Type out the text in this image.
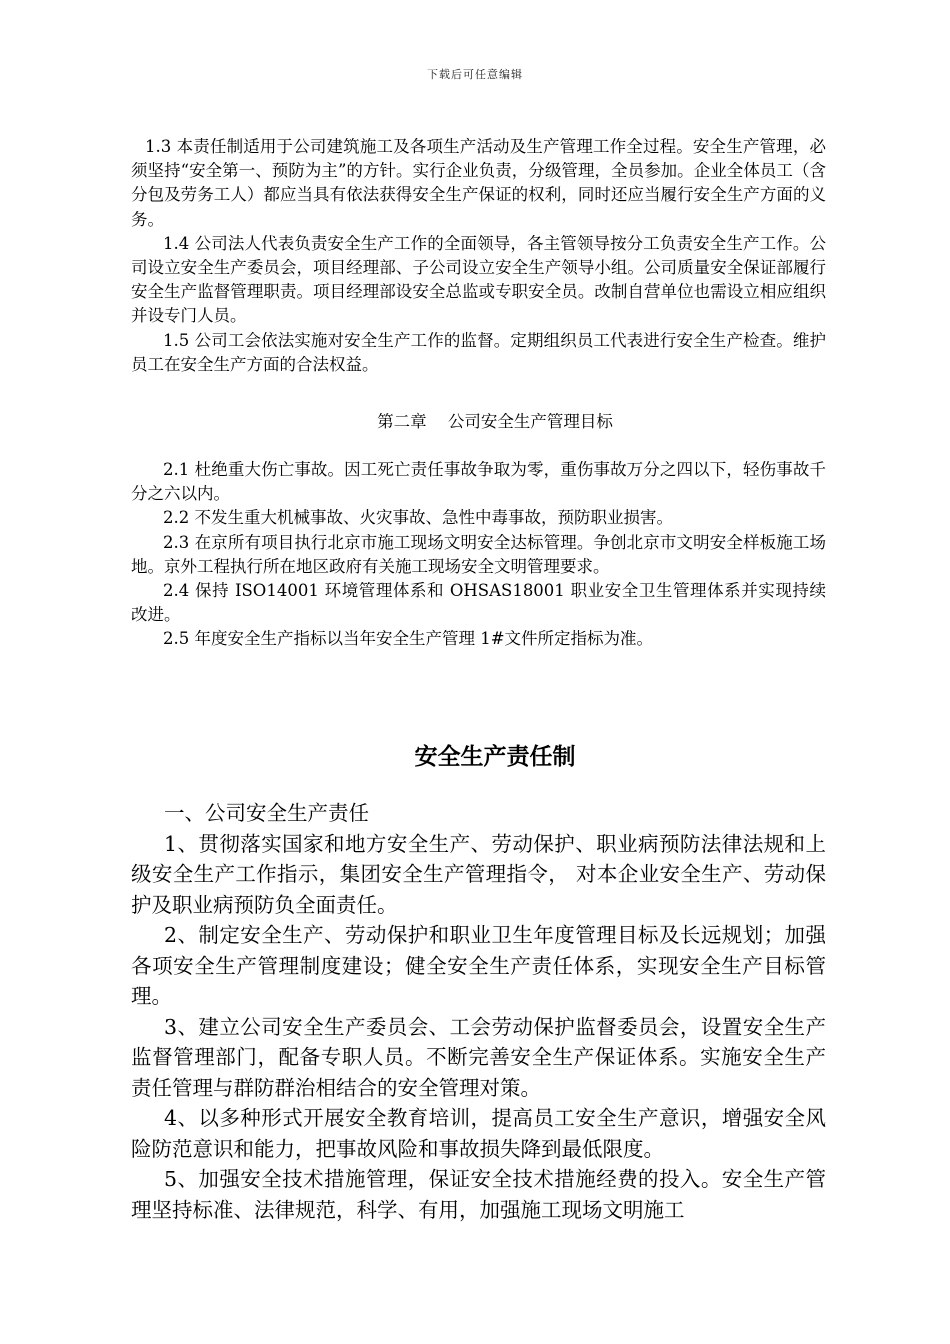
下载后可任意编辑

1.3 本责任制适用于公司建筑施工及各项生产活动及生产管理工作全过程。安全生产管理，必须坚持“安全第一、预防为主”的方针。实行企业负责，分级管理，全员参加。企业全体员工（含分包及劳务工人）都应当具有依法获得安全生产保证的权利，同时还应当履行安全生产方面的义务。

1.4 公司法人代表负责安全生产工作的全面领导，各主管领导按分工负责安全生产工作。公司设立安全生产委员会，项目经理部、子公司设立安全生产领导小组。公司质量安全保证部履行安全生产监督管理职责。项目经理部设安全总监或专职安全员。改制自营单位也需设立相应组织并设专门人员。

1.5 公司工会依法实施对安全生产工作的监督。定期组织员工代表进行安全生产检查。维护员工在安全生产方面的合法权益。

第二章 公司安全生产管理目标

2.1 杜绝重大伤亡事故。因工死亡责任事故争取为零，重伤事故万分之四以下，轻伤事故千分之六以内。

2.2 不发生重大机械事故、火灾事故、急性中毒事故，预防职业损害。

2.3 在京所有项目执行北京市施工现场文明安全达标管理。争创北京市文明安全样板施工场地。京外工程执行所在地区政府有关施工现场安全文明管理要求。

2.4 保持 ISO14001 环境管理体系和 OHSAS18001 职业安全卫生管理体系并实现持续改进。

2.5 年度安全生产指标以当年安全生产管理 1#文件所定指标为准。

安全生产责任制

一、公司安全生产责任

1、贯彻落实国家和地方安全生产、劳动保护、职业病预防法律法规和上级安全生产工作指示，集团安全生产管理指令， 对本企业安全生产、劳动保护及职业病预防负全面责任。

2、制定安全生产、劳动保护和职业卫生年度管理目标及长远规划；加强各项安全生产管理制度建设；健全安全生产责任体系，实现安全生产目标管理。

3、建立公司安全生产委员会、工会劳动保护监督委员会，设置安全生产监督管理部门，配备专职人员。不断完善安全生产保证体系。实施安全生产责任管理与群防群治相结合的安全管理对策。

4、以多种形式开展安全教育培训，提高员工安全生产意识，增强安全风险防范意识和能力，把事故风险和事故损失降到最低限度。

5、加强安全技术措施管理，保证安全技术措施经费的投入。安全生产管理坚持标准、法律规范，科学、有用，加强施工现场文明施工
